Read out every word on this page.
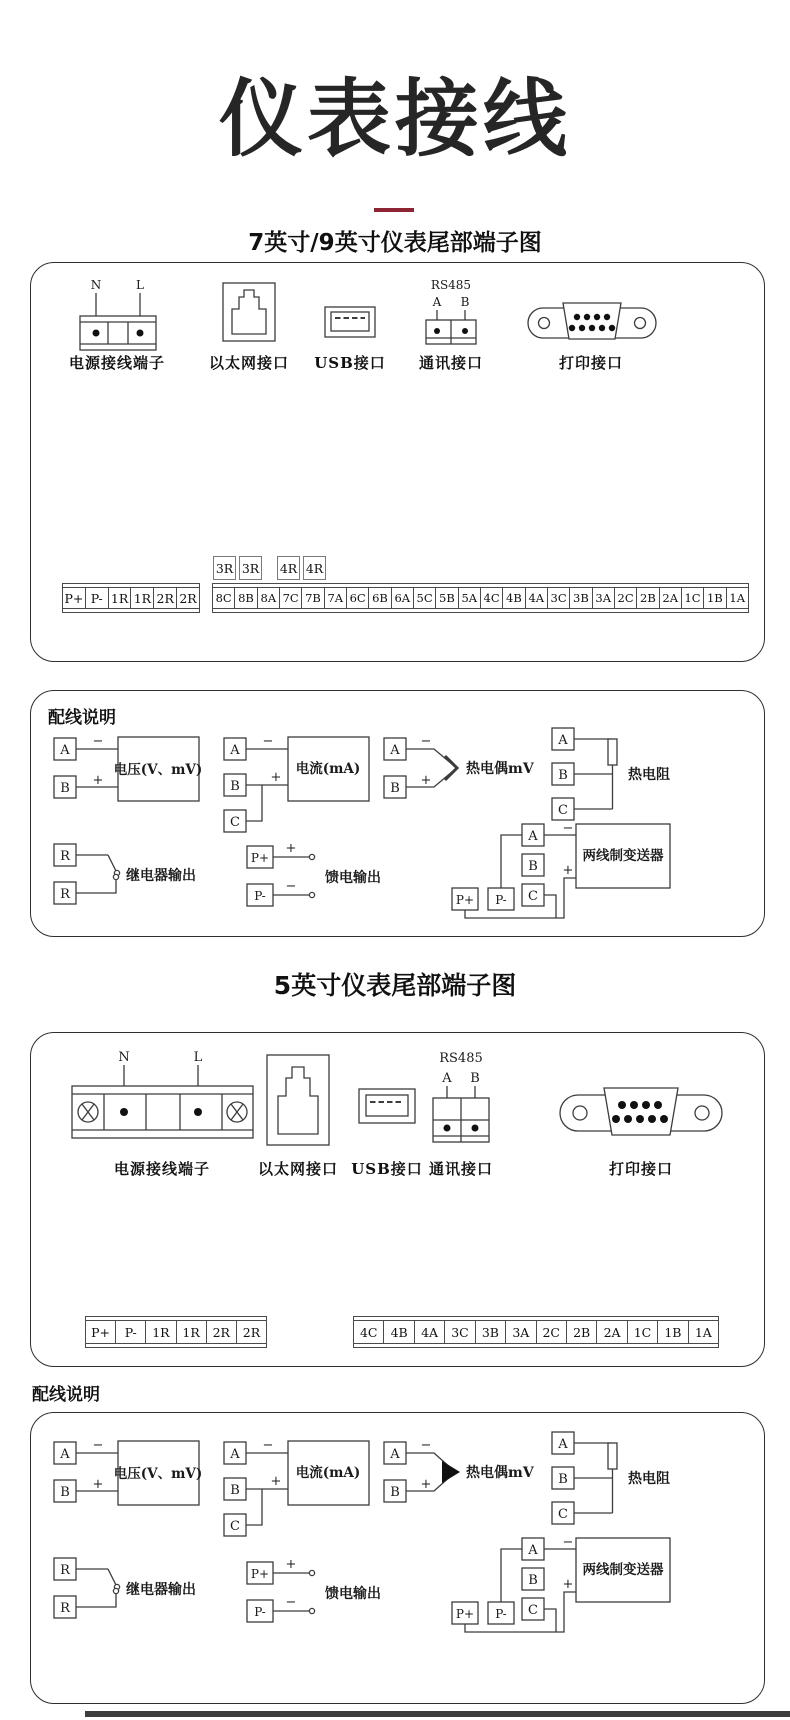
仪表接线
7英寸/9英寸仪表尾部端子图
N	L
电源接线端子	以太网接口	USB接口
RS485
A B
通讯接口	打印接口
3R 3R 4R 4R
P+ P- 1R 1R 2R 2R 8C 8B 8A 7C 7B 7A 6C 6B 6A 5C 5B 5A 4C 4B 4A 3C 3B 3A 2C 2B 2A 1C 1B 1A
配线说明
A
B
−
+
电压(V、mV)
A
B
C
−
+
电流(mA)
A
B
−
+
热电偶mV
A
B
C
热电阻
R
R
继电器输出
P+
P-
+
−
馈电输出
A
B
C
P+ P-
两线制变送器
−
+
5英寸仪表尾部端子图
N	L
电源接线端子	以太网接口 USB接口
RS485
A B
通讯接口	打印接口
P+	P-	1R	1R	2R	2R	4C	4B	4A	3C	3B	3A	2C	2B	2A	1C	1B	1A
配线说明
A
B
−
+
电压(V、mV)
A
B
C
−
+
电流(mA)
A
B
−
+
热电偶mV
A
B
C
热电阻
R
R
继电器输出
P+
P-
+
−
馈电输出
A
B
C
P+ P-
两线制变送器
−
+
